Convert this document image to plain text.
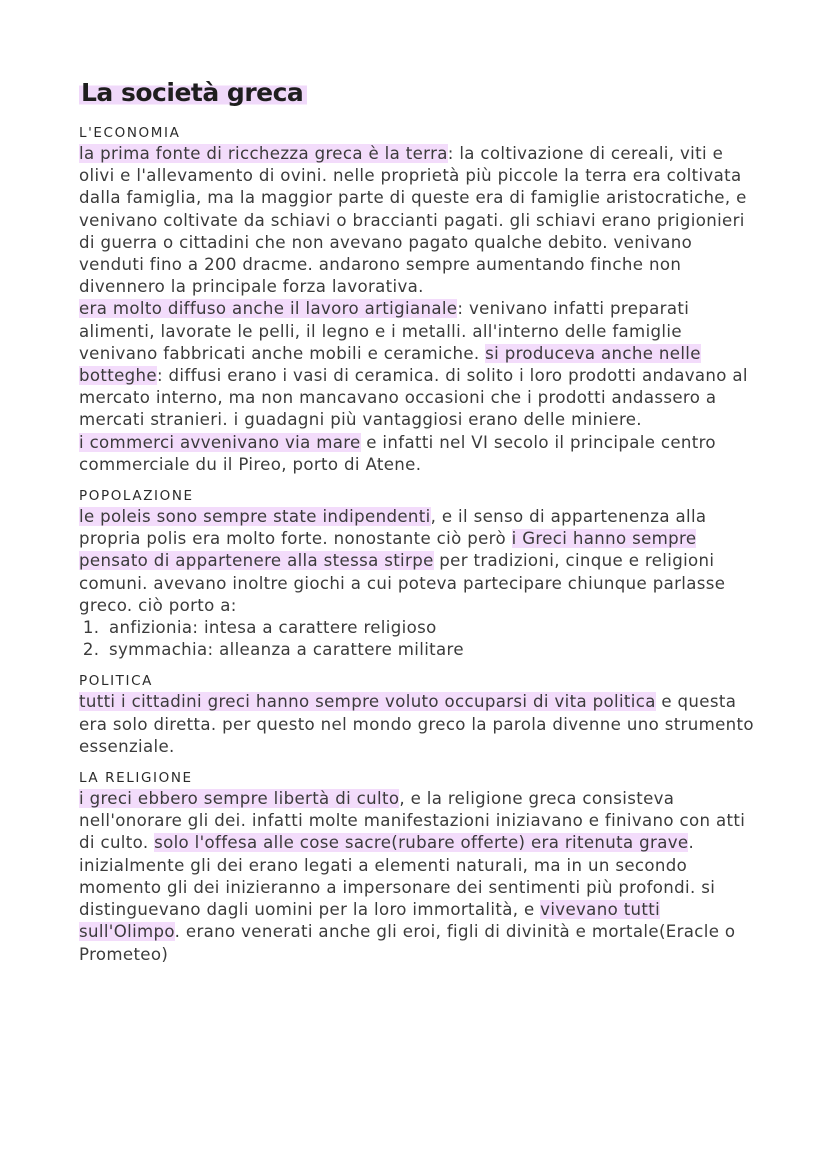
La società greca
L'ECONOMIA

la prima fonte di ricchezza greca è la terra: la coltivazione di cereali, viti e olivi e l'allevamento di ovini. nelle proprietà più piccole la terra era coltivata dalla famiglia, ma la maggior parte di queste era di famiglie aristocratiche, e venivano coltivate da schiavi o braccianti pagati. gli schiavi erano prigionieri di guerra o cittadini che non avevano pagato qualche debito. venivano venduti fino a 200 dracme. andarono sempre aumentando finche non divennero la principale forza lavorativa.

era molto diffuso anche il lavoro artigianale: venivano infatti preparati alimenti, lavorate le pelli, il legno e i metalli. all'interno delle famiglie venivano fabbricati anche mobili e ceramiche. si produceva anche nelle botteghe: diffusi erano i vasi di ceramica. di solito i loro prodotti andavano al mercato interno, ma non mancavano occasioni che i prodotti andassero a mercati stranieri. i guadagni più vantaggiosi erano delle miniere.

i commerci avvenivano via mare e infatti nel VI secolo il principale centro commerciale du il Pireo, porto di Atene.

POPOLAZIONE

le poleis sono sempre state indipendenti, e il senso di appartenenza alla propria polis era molto forte. nonostante ciò però i Greci hanno sempre pensato di appartenere alla stessa stirpe per tradizioni, cinque e religioni comuni. avevano inoltre giochi a cui poteva partecipare chiunque parlasse greco. ciò porto a:

1. anfizionia: intesa a carattere religioso
2. symmachia: alleanza a carattere militare
POLITICA

tutti i cittadini greci hanno sempre voluto occuparsi di vita politica e questa era solo diretta. per questo nel mondo greco la parola divenne uno strumento essenziale.

LA RELIGIONE

i greci ebbero sempre libertà di culto, e la religione greca consisteva nell'onorare gli dei. infatti molte manifestazioni iniziavano e finivano con atti di culto. solo l'offesa alle cose sacre(rubare offerte) era ritenuta grave. inizialmente gli dei erano legati a elementi naturali, ma in un secondo momento gli dei inizieranno a impersonare dei sentimenti più profondi. si distinguevano dagli uomini per la loro immortalità, e vivevano tutti sull'Olimpo. erano venerati anche gli eroi, figli di divinità e mortale(Eracle o Prometeo)
